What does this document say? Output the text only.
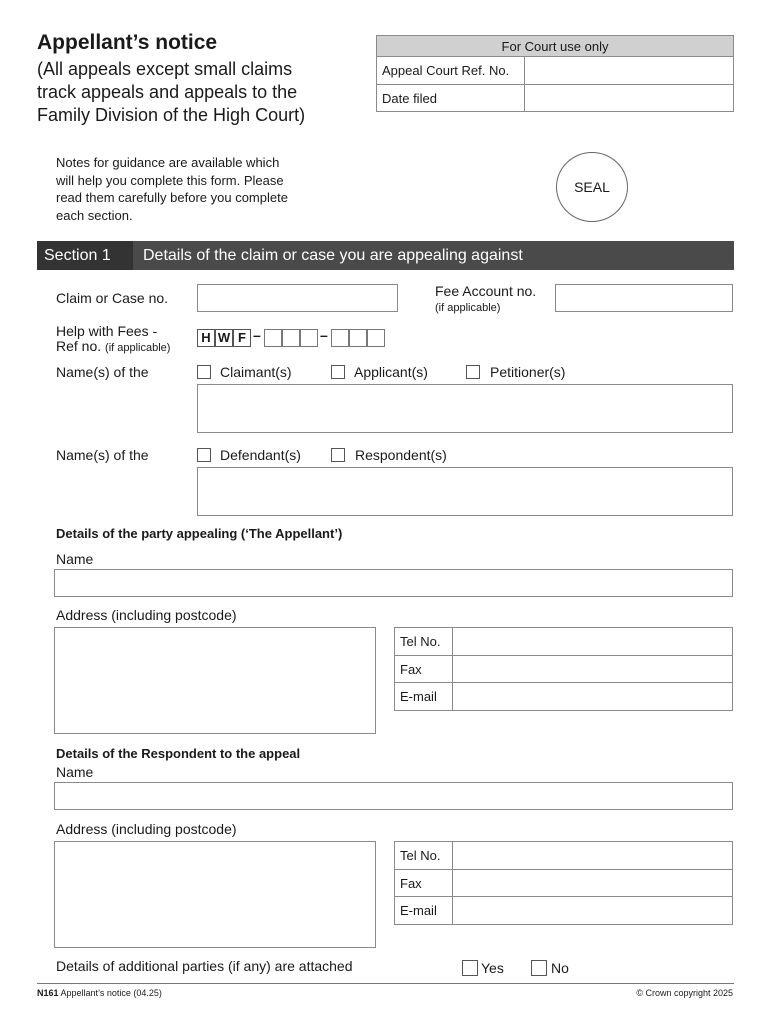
Appellant’s notice
(All appeals except small claims
track appeals and appeals to the
Family Division of the High Court)
For Court use only	
Appeal Court Ref. No.	
Date filed	
Notes for guidance are available which
will help you complete this form. Please
read them carefully before you complete
each section.
SEAL
Section 1	Details of the claim or case you are appealing against
Claim or Case no.	Fee Account no.
(if applicable)
Help with Fees -
Ref no. (if applicable)
H W F –	–
Name(s) of the	Claimant(s)	Applicant(s)	Petitioner(s)
Name(s) of the	Defendant(s)	Respondent(s)
Details of the party appealing (‘The Appellant’)
Name
Address (including postcode)
Tel No.	
Fax	
E-mail	
Details of the Respondent to the appeal
Name
Address (including postcode)
Tel No.	
Fax	
E-mail	
Details of additional parties (if any) are attached	Yes	No
N161 Appellant’s notice (04.25)	© Crown copyright 2025
